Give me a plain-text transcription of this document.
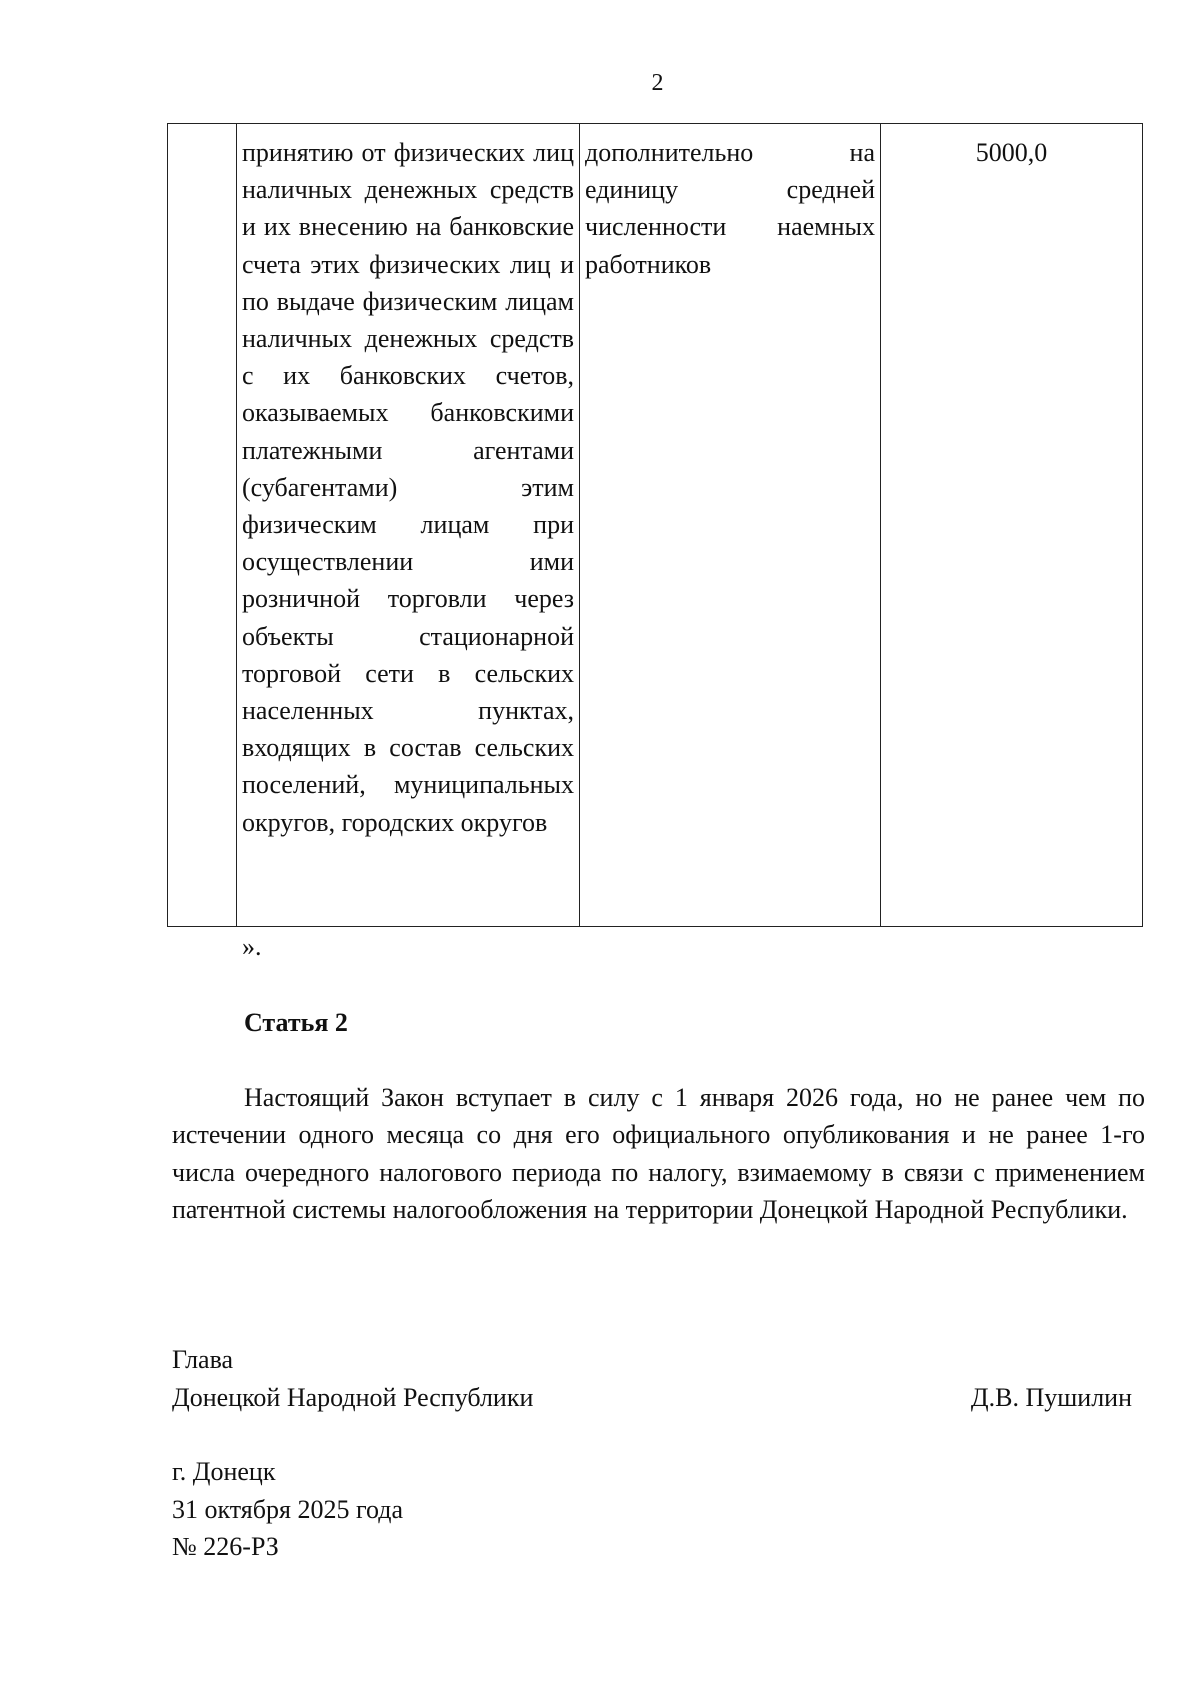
2
	принятию от физических лиц наличных денежных средств и их внесению на банковские счета этих физических лиц и по выдаче физическим лицам наличных денежных средств с их банковских счетов, оказываемых банковскими платежными агентами (субагентами) этим физическим лицам при осуществлении ими розничной торговли через объекты стационарной торговой сети в сельских населенных пунктах, входящих в состав сельских поселений, муниципальных округов, городских округов	дополнительно на единицу средней численности наемных работников	5000,0
».
Статья 2

Настоящий Закон вступает в силу с 1 января 2026 года, но не ранее чем по истечении одного месяца со дня его официального опубликования и не ранее 1-го числа очередного налогового периода по налогу, взимаемому в связи с применением патентной системы налогообложения на территории Донецкой Народной Республики.

Глава
Донецкой Народной Республики	Д.В. Пушилин
г. Донецк
31 октября 2025 года
№ 226-РЗ
